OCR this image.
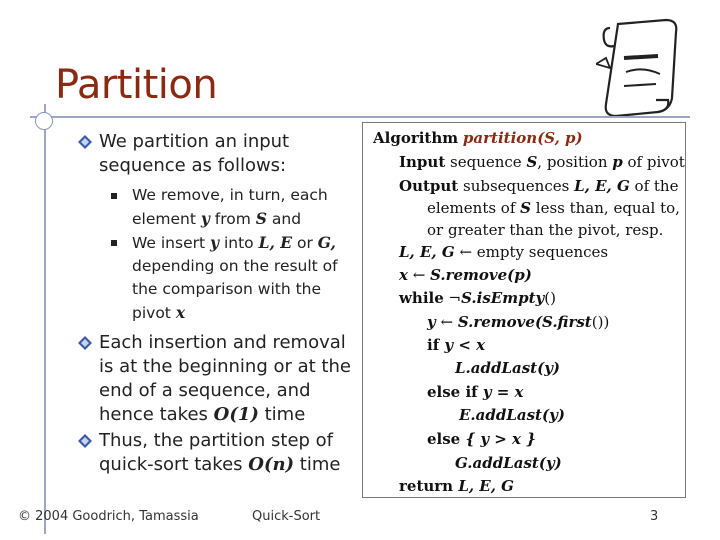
Partition
We partition an input sequence as follows:
We remove, in turn, each element y from S and
We insert y into L, E or G, depending on the result of the comparison with the pivot x
Each insertion and removal is at the beginning or at the end of a sequence, and hence takes O(1) time
Thus, the partition step of quick-sort takes O(n) time
Algorithm partition(S, p)
Input sequence S, position p of pivot
Output subsequences L, E, G of the
elements of S less than, equal to,
or greater than the pivot, resp.
L, E, G ← empty sequences
x ← S.remove(p)
while ¬S.isEmpty()
y ← S.remove(S.first())
if y < x
L.addLast(y)
else if y = x
E.addLast(y)
else { y > x }
G.addLast(y)
return L, E, G
© 2004 Goodrich, Tamassia	Quick-Sort	3
